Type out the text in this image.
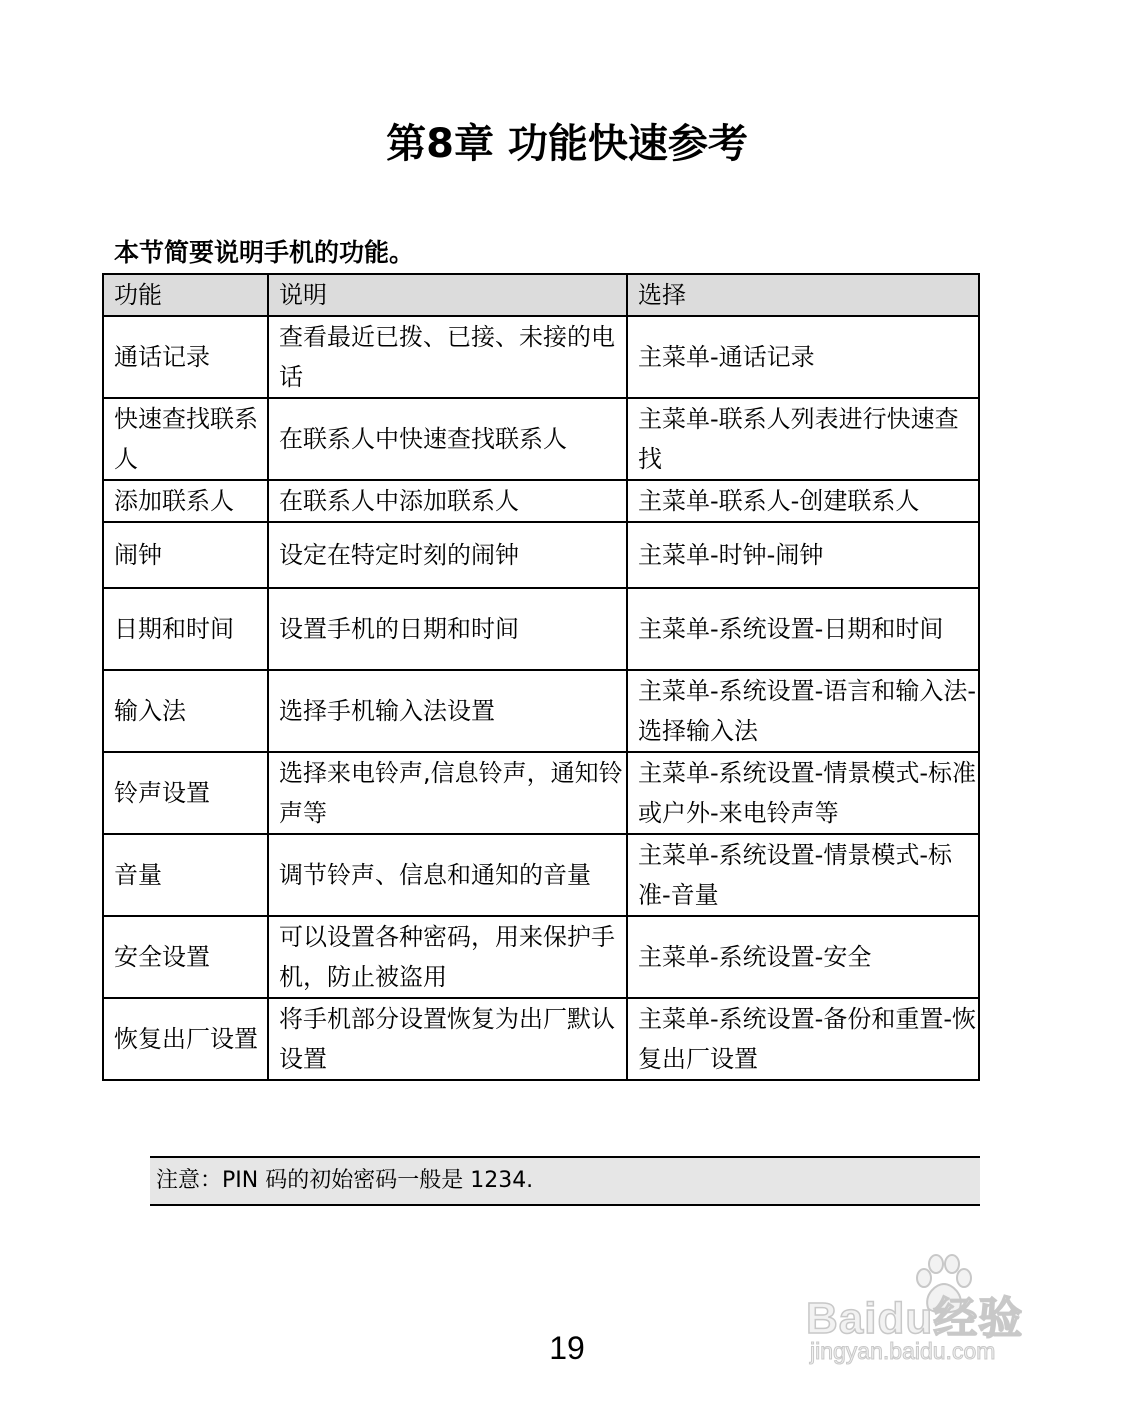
第8章 功能快速参考

本节简要说明手机的功能。

功能	说明	选择
通话记录	查看最近已拨、已接、未接的电话	主菜单-通话记录
快速查找联系人	在联系人中快速查找联系人	主菜单-联系人列表进行快速查找
添加联系人	在联系人中添加联系人	主菜单-联系人-创建联系人
闹钟	设定在特定时刻的闹钟	主菜单-时钟-闹钟
日期和时间	设置手机的日期和时间	主菜单-系统设置-日期和时间
输入法	选择手机输入法设置	主菜单-系统设置-语言和输入法-选择输入法
铃声设置	选择来电铃声,信息铃声，通知铃声等	主菜单-系统设置-情景模式-标准或户外-来电铃声等
音量	调节铃声、信息和通知的音量	主菜单-系统设置-情景模式-标准-音量
安全设置	可以设置各种密码，用来保护手机，防止被盗用	主菜单-系统设置-安全
恢复出厂设置	将手机部分设置恢复为出厂默认设置	主菜单-系统设置-备份和重置-恢复出厂设置
注意：PIN 码的初始密码一般是 1234.
Baidu经验
jingyan.baidu.com
19
